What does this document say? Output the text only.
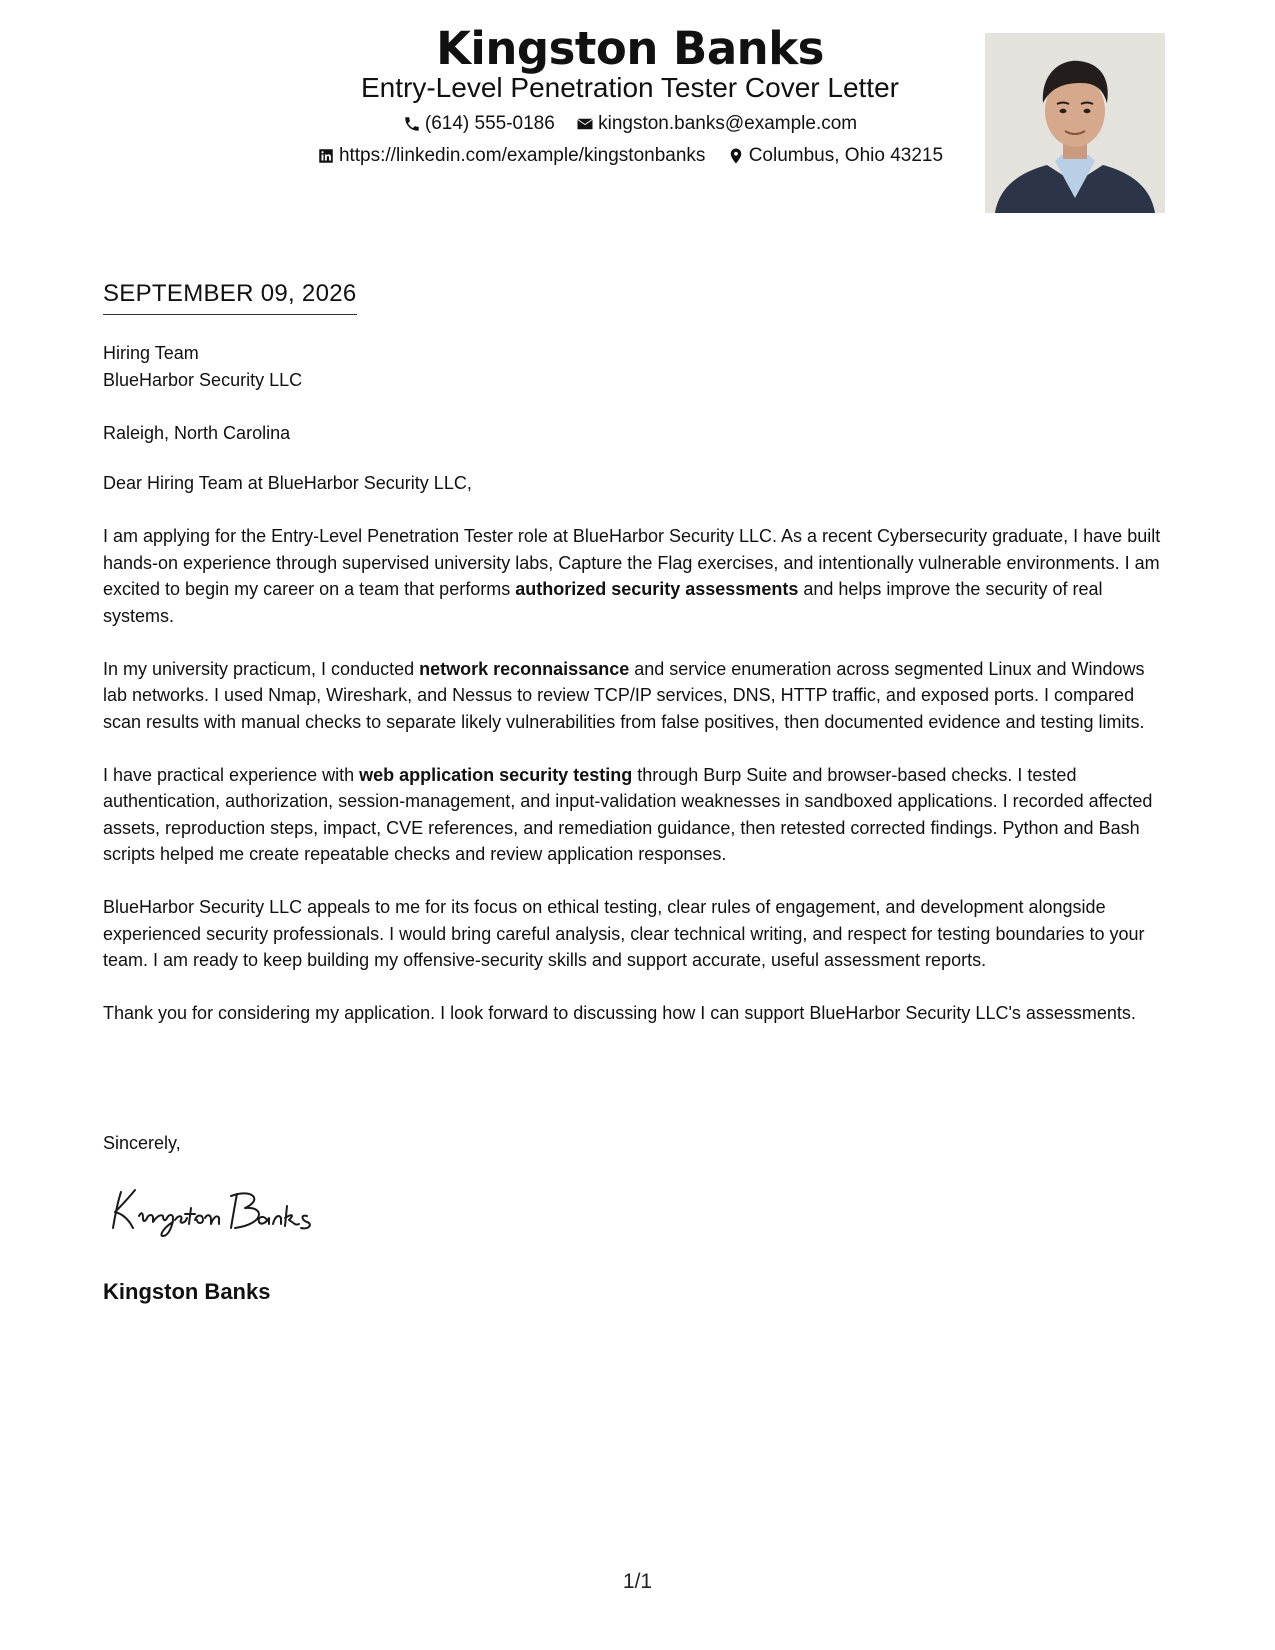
Kingston Banks
Entry-Level Penetration Tester Cover Letter
(614) 555-0186
kingston.banks@example.com
https://linkedin.com/example/kingstonbanks
Columbus, Ohio 43215
SEPTEMBER 09, 2026

Hiring Team

BlueHarbor Security LLC

Raleigh, North Carolina

Dear Hiring Team at BlueHarbor Security LLC,

I am applying for the Entry-Level Penetration Tester role at BlueHarbor Security LLC. As a recent Cybersecurity graduate, I have built hands-on experience through supervised university labs, Capture the Flag exercises, and intentionally vulnerable environments. I am excited to begin my career on a team that performs authorized security assessments and helps improve the security of real systems.

In my university practicum, I conducted network reconnaissance and service enumeration across segmented Linux and Windows lab networks. I used Nmap, Wireshark, and Nessus to review TCP/IP services, DNS, HTTP traffic, and exposed ports. I compared scan results with manual checks to separate likely vulnerabilities from false positives, then documented evidence and testing limits.

I have practical experience with web application security testing through Burp Suite and browser-based checks. I tested authentication, authorization, session-management, and input-validation weaknesses in sandboxed applications. I recorded affected assets, reproduction steps, impact, CVE references, and remediation guidance, then retested corrected findings. Python and Bash scripts helped me create repeatable checks and review application responses.

BlueHarbor Security LLC appeals to me for its focus on ethical testing, clear rules of engagement, and development alongside experienced security professionals. I would bring careful analysis, clear technical writing, and respect for testing boundaries to your team. I am ready to keep building my offensive-security skills and support accurate, useful assessment reports.

Thank you for considering my application. I look forward to discussing how I can support BlueHarbor Security LLC's assessments.

Sincerely,
Kingston Banks
Kingston Banks
1/1
